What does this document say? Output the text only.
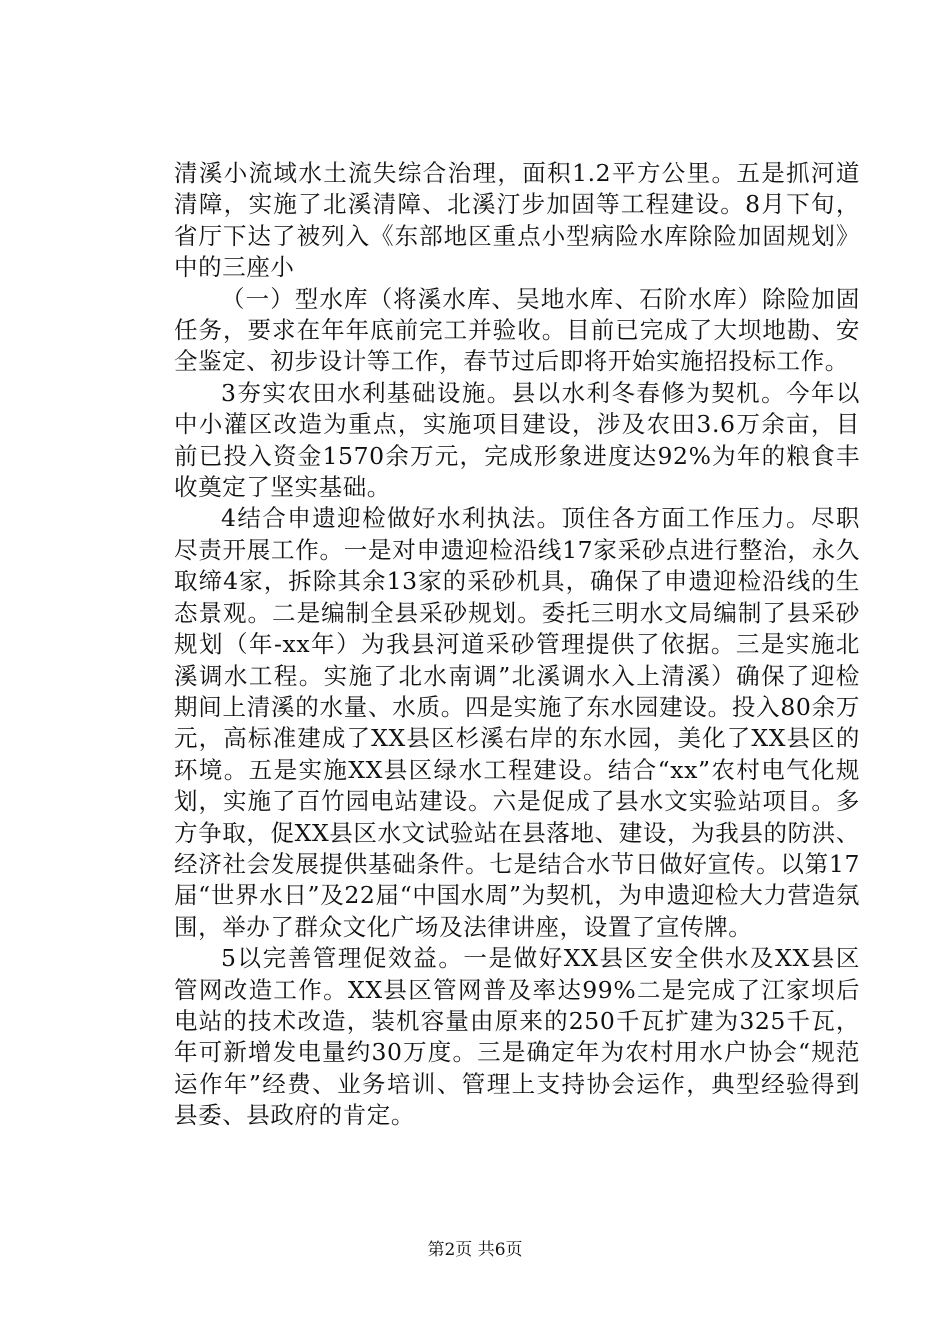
清溪小流域水土流失综合治理，面积1.2平方公里。五是抓河道清障，实施了北溪清障、北溪汀步加固等工程建设。8月下旬，省厅下达了被列入《东部地区重点小型病险水库除险加固规划》中的三座小

（一）型水库（将溪水库、吴地水库、石阶水库）除险加固任务，要求在年年底前完工并验收。目前已完成了大坝地勘、安全鉴定、初步设计等工作，春节过后即将开始实施招投标工作。

3夯实农田水利基础设施。县以水利冬春修为契机。今年以中小灌区改造为重点，实施项目建设，涉及农田3.6万余亩，目前已投入资金1570余万元，完成形象进度达92%为年的粮食丰收奠定了坚实基础。

4结合申遗迎检做好水利执法。顶住各方面工作压力。尽职尽责开展工作。一是对申遗迎检沿线17家采砂点进行整治，永久取缔4家，拆除其余13家的采砂机具，确保了申遗迎检沿线的生态景观。二是编制全县采砂规划。委托三明水文局编制了县采砂规划（年-xx年）为我县河道采砂管理提供了依据。三是实施北溪调水工程。实施了北水南调”北溪调水入上清溪）确保了迎检期间上清溪的水量、水质。四是实施了东水园建设。投入80余万元，高标准建成了XX县区杉溪右岸的东水园，美化了XX县区的环境。五是实施XX县区绿水工程建设。结合“xx”农村电气化规划，实施了百竹园电站建设。六是促成了县水文实验站项目。多方争取，促XX县区水文试验站在县落地、建设，为我县的防洪、经济社会发展提供基础条件。七是结合水节日做好宣传。以第17届“世界水日”及22届“中国水周”为契机，为申遗迎检大力营造氛围，举办了群众文化广场及法律讲座，设置了宣传牌。

5以完善管理促效益。一是做好XX县区安全供水及XX县区管网改造工作。XX县区管网普及率达99%二是完成了江家坝后电站的技术改造，装机容量由原来的250千瓦扩建为325千瓦，年可新增发电量约30万度。三是确定年为农村用水户协会“规范运作年”经费、业务培训、管理上支持协会运作，典型经验得到县委、县政府的肯定。

第2页 共6页
